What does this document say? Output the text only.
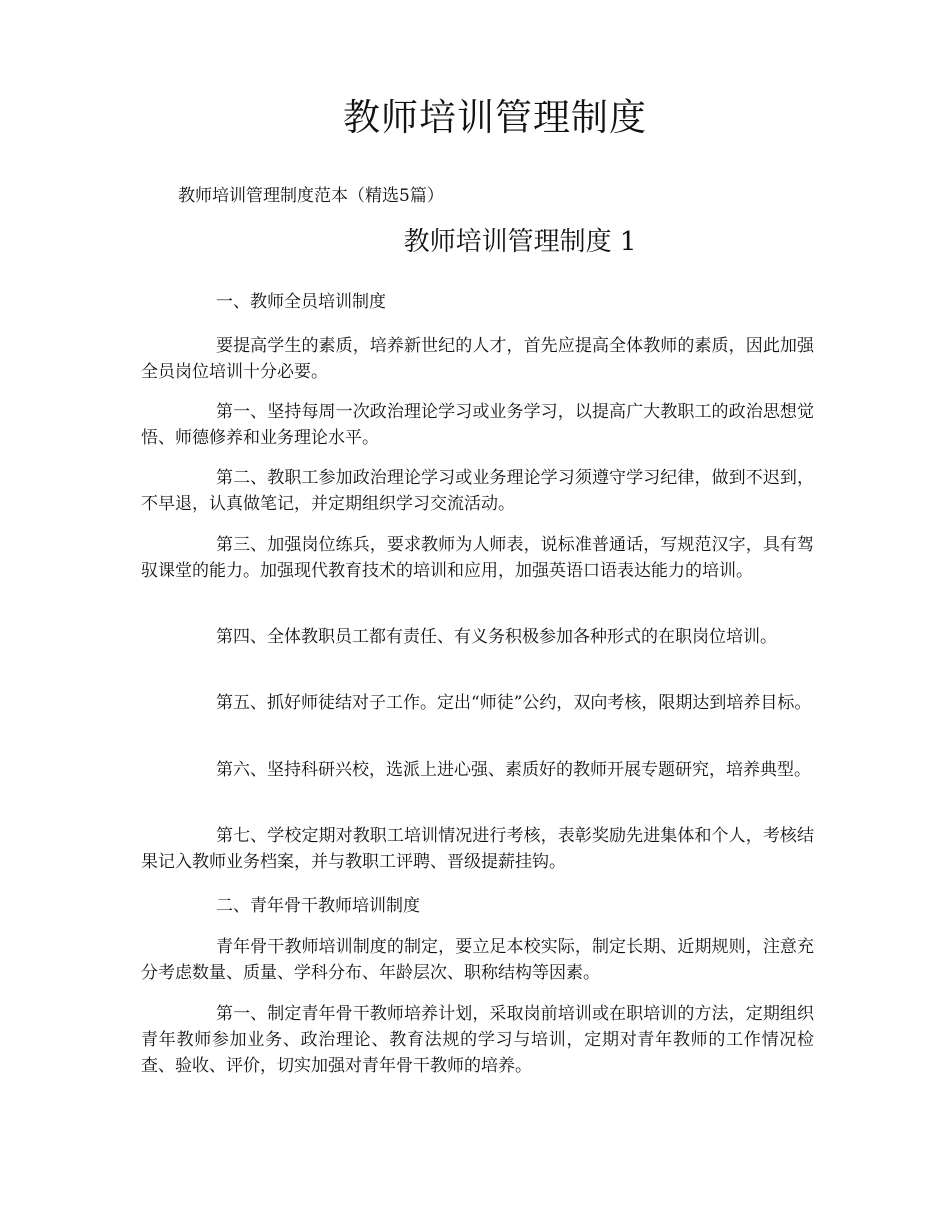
教师培训管理制度
教师培训管理制度范本（精选5篇）
教师培训管理制度 1

一、教师全员培训制度

要提高学生的素质，培养新世纪的人才，首先应提高全体教师的素质，因此加强全员岗位培训十分必要。

第一、坚持每周一次政治理论学习或业务学习，以提高广大教职工的政治思想觉悟、师德修养和业务理论水平。

第二、教职工参加政治理论学习或业务理论学习须遵守学习纪律，做到不迟到，不早退，认真做笔记，并定期组织学习交流活动。

第三、加强岗位练兵，要求教师为人师表，说标准普通话，写规范汉字，具有驾驭课堂的能力。加强现代教育技术的培训和应用，加强英语口语表达能力的培训。

第四、全体教职员工都有责任、有义务积极参加各种形式的在职岗位培训。

第五、抓好师徒结对子工作。定出“师徒”公约，双向考核，限期达到培养目标。

第六、坚持科研兴校，选派上进心强、素质好的教师开展专题研究，培养典型。

第七、学校定期对教职工培训情况进行考核，表彰奖励先进集体和个人，考核结果记入教师业务档案，并与教职工评聘、晋级提薪挂钩。

二、青年骨干教师培训制度

青年骨干教师培训制度的制定，要立足本校实际，制定长期、近期规则，注意充分考虑数量、质量、学科分布、年龄层次、职称结构等因素。

第一、制定青年骨干教师培养计划，采取岗前培训或在职培训的方法，定期组织青年教师参加业务、政治理论、教育法规的学习与培训，定期对青年教师的工作情况检查、验收、评价，切实加强对青年骨干教师的培养。
